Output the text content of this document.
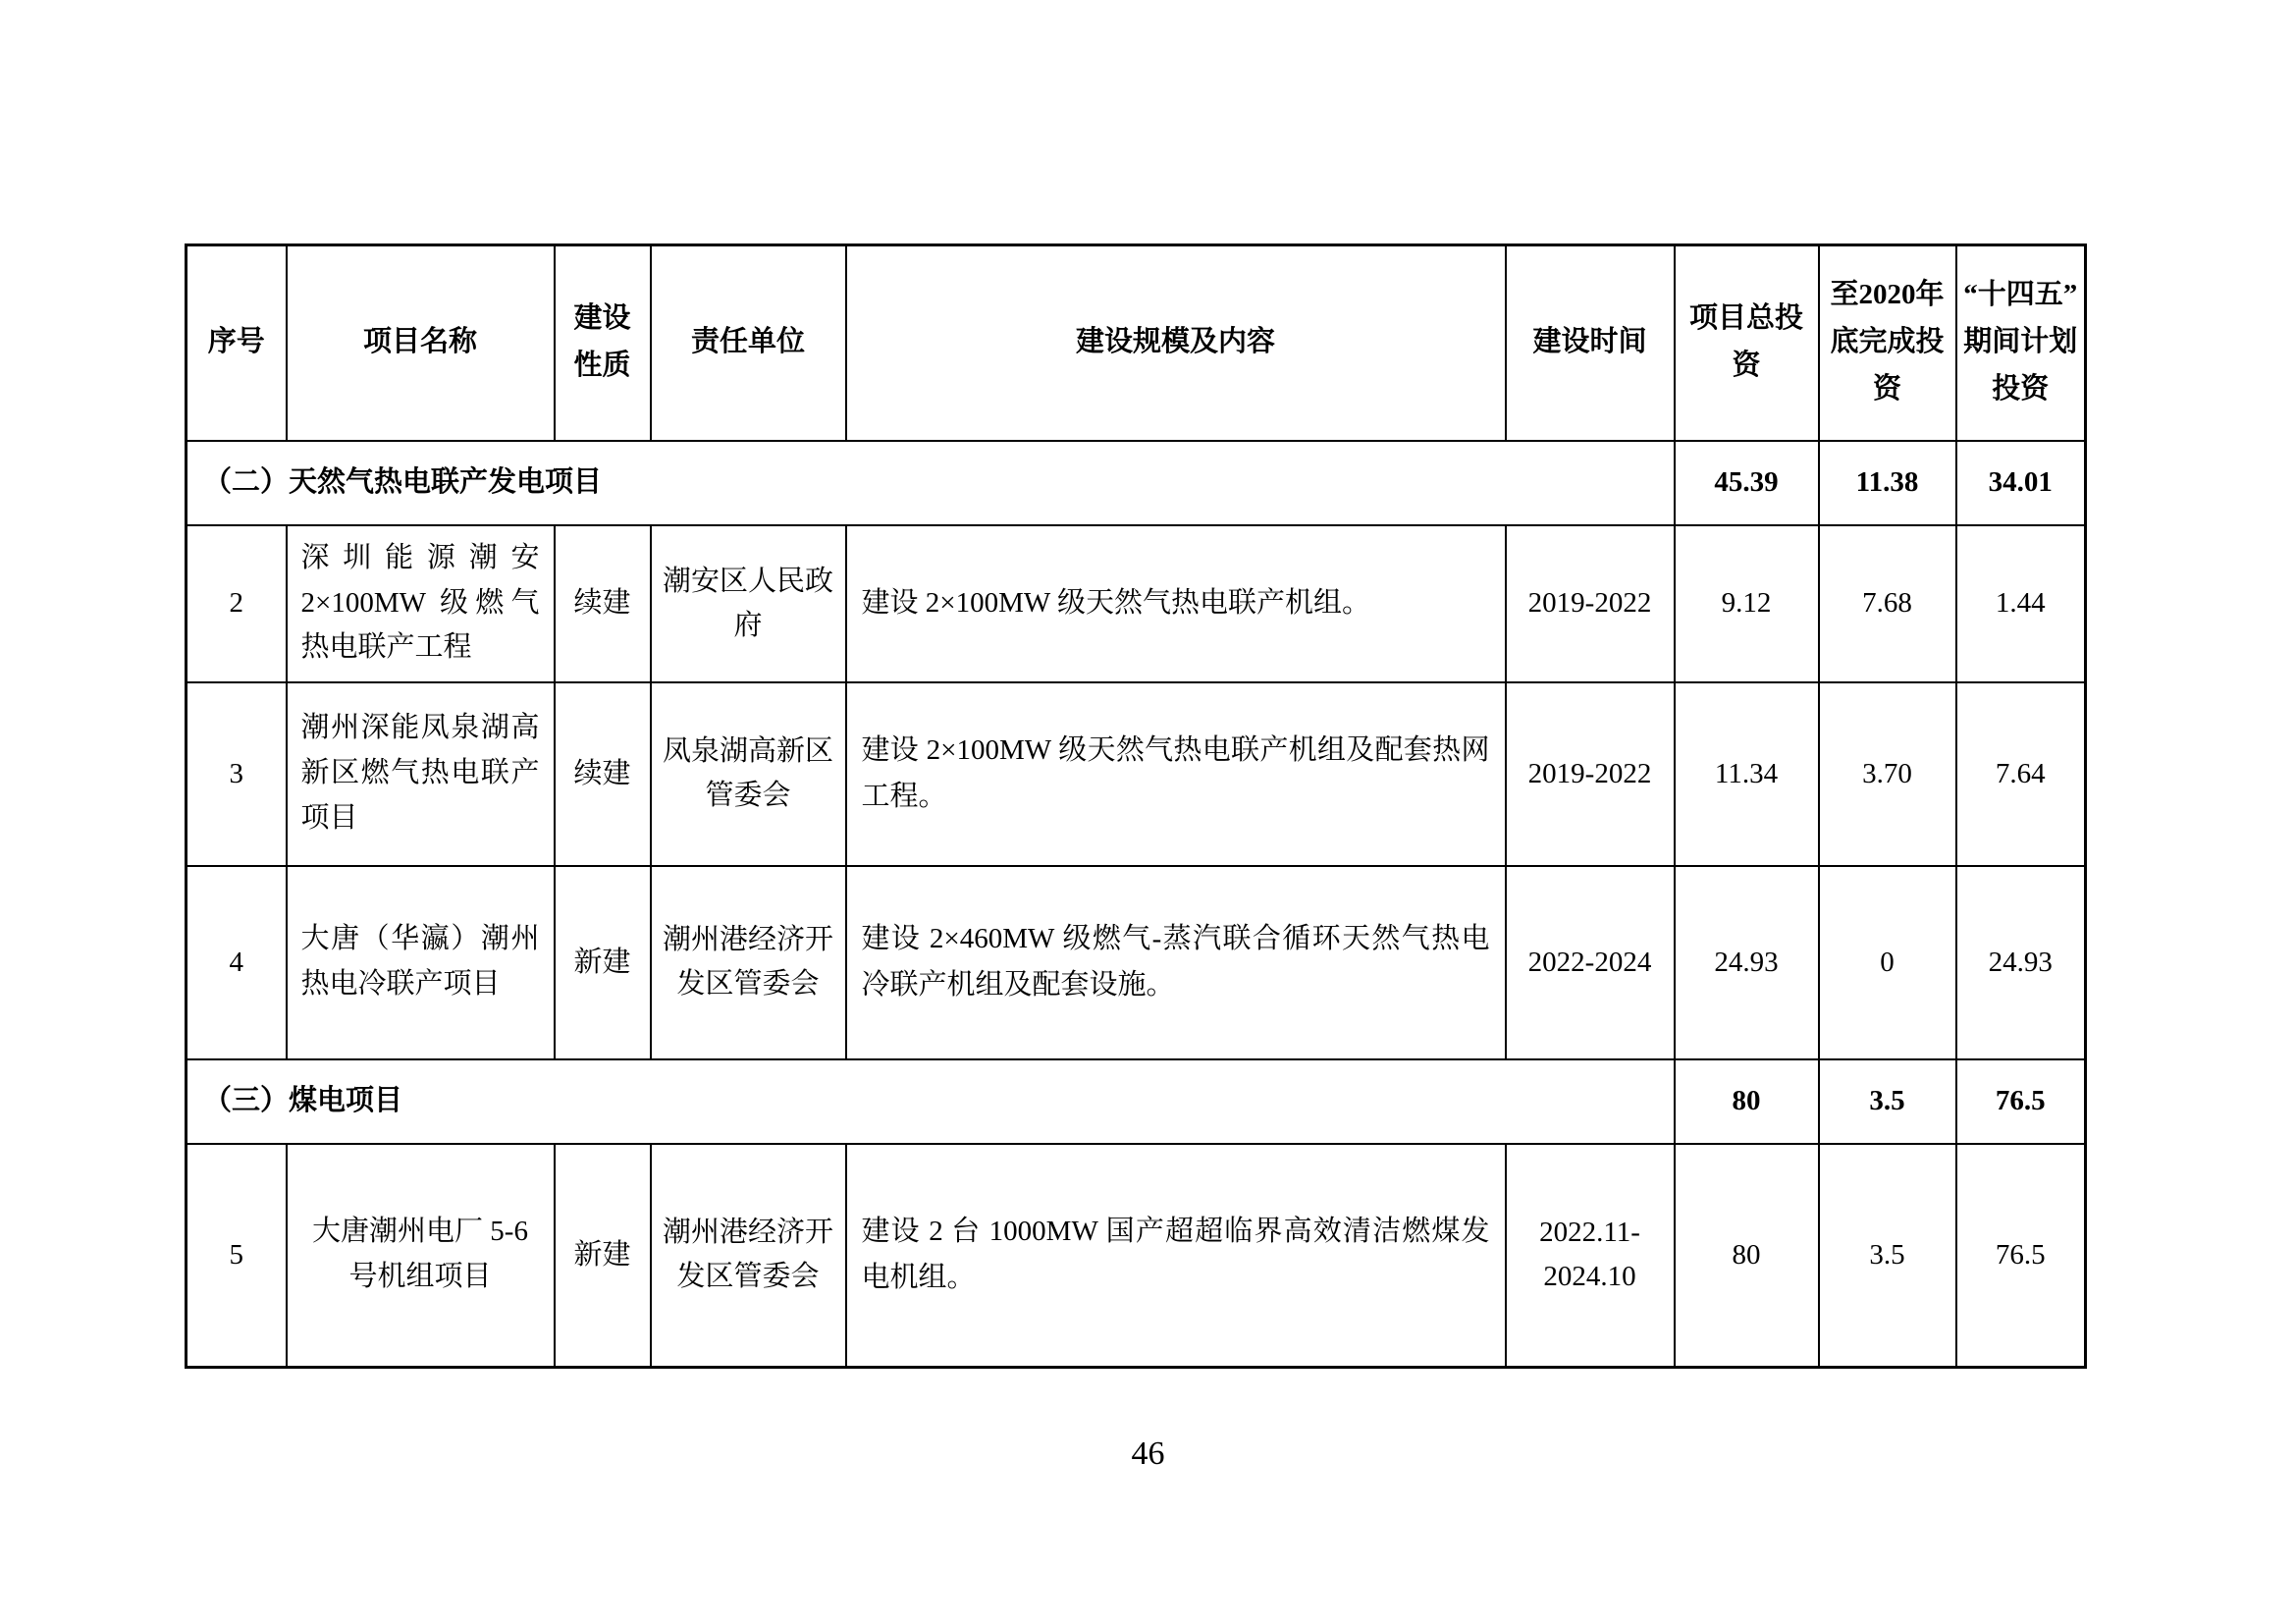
序号	项目名称	建设性质	责任单位	建设规模及内容	建设时间	项目总投资	至2020年底完成投资	“十四五”期间计划投资
（二）天然气热电联产发电项目						45.39	11.38	34.01
2	深圳能源潮安 2×100MW 级燃气热电联产工程	续建	潮安区人民政府	建设 2×100MW 级天然气热电联产机组。	2019-2022	9.12	7.68	1.44
3	潮州深能凤泉湖高新区燃气热电联产项目	续建	凤泉湖高新区管委会	建设 2×100MW 级天然气热电联产机组及配套热网工程。	2019-2022	11.34	3.70	7.64
4	大唐（华瀛）潮州热电冷联产项目	新建	潮州港经济开发区管委会	建设 2×460MW 级燃气-蒸汽联合循环天然气热电冷联产机组及配套设施。	2022-2024	24.93	0	24.93
（三）煤电项目						80	3.5	76.5
5	大唐潮州电厂 5-6 号机组项目	新建	潮州港经济开发区管委会	建设 2 台 1000MW 国产超超临界高效清洁燃煤发电机组。	2022.11-2024.10	80	3.5	76.5
46
